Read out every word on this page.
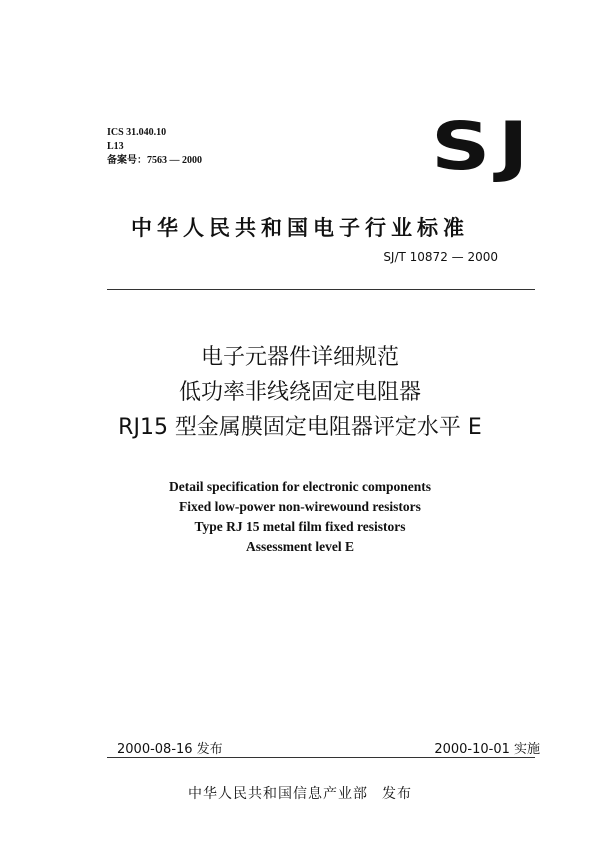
ICS 31.040.10
L13
备案号：7563 — 2000	SJ
中华人民共和国电子行业标准
SJ/T 10872 — 2000
电子元器件详细规范
低功率非线绕固定电阻器
RJ15 型金属膜固定电阻器评定水平 E
Detail specification for electronic components
Fixed low-power non-wirewound resistors
Type RJ 15 metal film fixed resistors
Assessment level E
2000-08-16 发布	2000-10-01 实施
中华人民共和国信息产业部 发布
